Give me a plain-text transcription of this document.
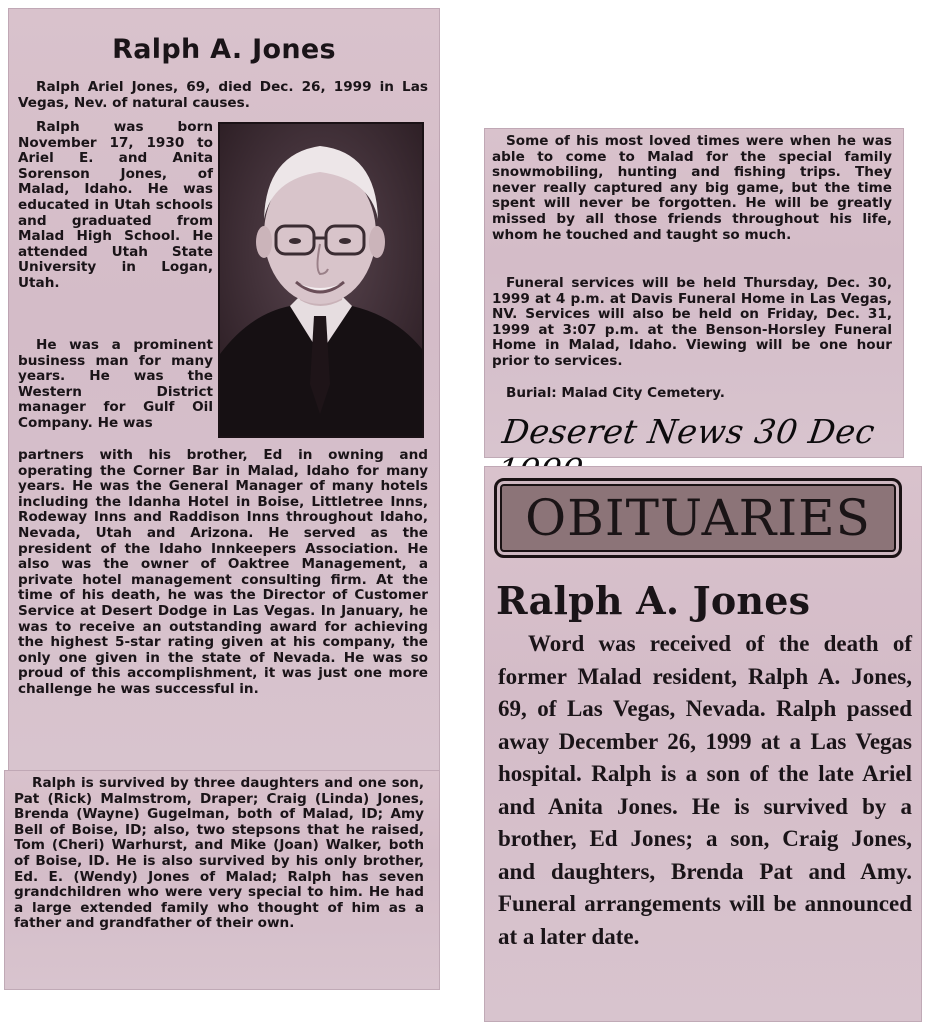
Ralph A. Jones

Ralph Ariel Jones, 69, died Dec. 26, 1999 in Las Vegas, Nev. of natural causes.

Ralph was born November 17, 1930 to Ariel E. and Anita Sorenson Jones, of Malad, Idaho. He was educated in Utah schools and graduated from Malad High School. He attended Utah State University in Logan, Utah.

He was a prominent business man for many years. He was the Western District manager for Gulf Oil Company. He was

partners with his brother, Ed in owning and operating the Corner Bar in Malad, Idaho for many years. He was the General Manager of many hotels including the Idanha Hotel in Boise, Littletree Inns, Rodeway Inns and Raddison Inns throughout Idaho, Nevada, Utah and Arizona. He served as the president of the Idaho Innkeepers Association. He also was the owner of Oaktree Management, a private hotel management consulting firm. At the time of his death, he was the Director of Customer Service at Desert Dodge in Las Vegas. In January, he was to receive an outstanding award for achieving the highest 5-star rating given at his company, the only one given in the state of Nevada. He was so proud of this accomplishment, it was just one more challenge he was successful in.

Ralph is survived by three daughters and one son, Pat (Rick) Malmstrom, Draper; Craig (Linda) Jones, Brenda (Wayne) Gugelman, both of Malad, ID; Amy Bell of Boise, ID; also, two stepsons that he raised, Tom (Cheri) Warhurst, and Mike (Joan) Walker, both of Boise, ID. He is also survived by his only brother, Ed. E. (Wendy) Jones of Malad; Ralph has seven grandchildren who were very special to him. He had a large extended family who thought of him as a father and grandfather of their own.

Some of his most loved times were when he was able to come to Malad for the special family snowmobiling, hunting and fishing trips. They never really captured any big game, but the time spent will never be forgotten. He will be greatly missed by all those friends throughout his life, whom he touched and taught so much.

Funeral services will be held Thursday, Dec. 30, 1999 at 4 p.m. at Davis Funeral Home in Las Vegas, NV. Services will also be held on Friday, Dec. 31, 1999 at 3:07 p.m. at the Benson-Horsley Funeral Home in Malad, Idaho. Viewing will be one hour prior to services.

Burial: Malad City Cemetery.

Deseret News 30 Dec
OBITUARIES
Ralph A. Jones

Word was received of the death of former Malad resident, Ralph A. Jones, 69, of Las Vegas, Nevada. Ralph passed away December 26, 1999 at a Las Vegas hospital. Ralph is a son of the late Ariel and Anita Jones. He is survived by a brother, Ed Jones; a son, Craig Jones, and daughters, Brenda Pat and Amy. Funeral arrangements will be announced at a later date.
